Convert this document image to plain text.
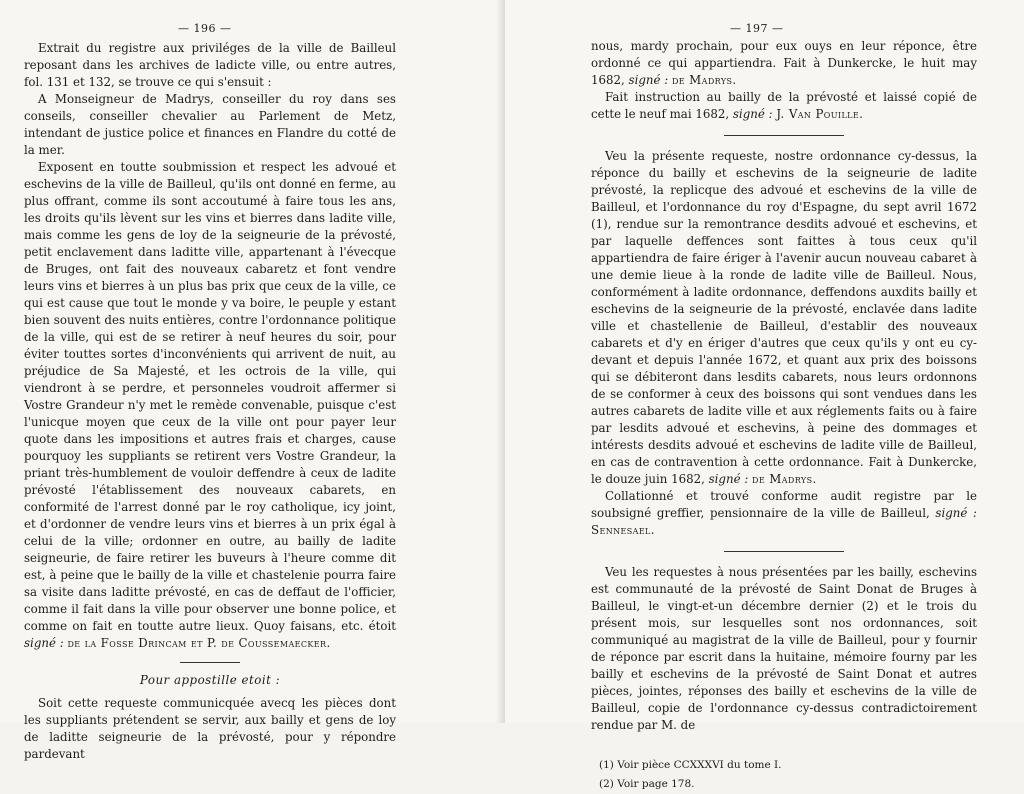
— 196 —

Extrait du registre aux priviléges de la ville de Bailleul reposant dans les archives de ladicte ville, ou entre autres, fol. 131 et 132, se trouve ce qui s'ensuit :

A Monseigneur de Madrys, conseiller du roy dans ses conseils, conseiller chevalier au Parlement de Metz, intendant de justice police et finances en Flandre du cotté de la mer.

Exposent en toutte soubmission et respect les advoué et eschevins de la ville de Bailleul, qu'ils ont donné en ferme, au plus offrant, comme ils sont accoutumé à faire tous les ans, les droits qu'ils lèvent sur les vins et bierres dans ladite ville, mais comme les gens de loy de la seigneurie de la prévosté, petit enclavement dans laditte ville, appartenant à l'évecque de Bruges, ont fait des nouveaux cabaretz et font vendre leurs vins et bierres à un plus bas prix que ceux de la ville, ce qui est cause que tout le monde y va boire, le peuple y estant bien souvent des nuits entières, contre l'ordonnance politique de la ville, qui est de se retirer à neuf heures du soir, pour éviter touttes sortes d'inconvénients qui arrivent de nuit, au préjudice de Sa Majesté, et les octrois de la ville, qui viendront à se perdre, et personneles voudroit affermer si Vostre Grandeur n'y met le remède convenable, puisque c'est l'unicque moyen que ceux de la ville ont pour payer leur quote dans les impositions et autres frais et charges, cause pourquoy les suppliants se retirent vers Vostre Grandeur, la priant très-humblement de vouloir deffendre à ceux de ladite prévosté l'établissement des nouveaux cabarets, en conformité de l'arrest donné par le roy catholique, icy joint, et d'ordonner de vendre leurs vins et bierres à un prix égal à celui de la ville; ordonner en outre, au bailly de ladite seigneurie, de faire retirer les buveurs à l'heure comme dit est, à peine que le bailly de la ville et chastelenie pourra faire sa visite dans laditte prévosté, en cas de deffaut de l'officier, comme il fait dans la ville pour observer une bonne police, et comme on fait en toutte autre lieux. Quoy faisans, etc. étoit signé : de la Fosse Drincam et P. de Coussemaecker.

Pour appostille etoit :

Soit cette requeste communicquée avecq les pièces dont les suppliants prétendent se servir, aux bailly et gens de loy de laditte seigneurie de la prévosté, pour y répondre pardevant

— 197 —

nous, mardy prochain, pour eux ouys en leur réponce, être ordonné ce qui appartiendra. Fait à Dunkercke, le huit may 1682, signé : de Madrys.

Fait instruction au bailly de la prévosté et laissé copié de cette le neuf mai 1682, signé : J. Van Pouille.

Veu la présente requeste, nostre ordonnance cy-dessus, la réponce du bailly et eschevins de la seigneurie de ladite prévosté, la replicque des advoué et eschevins de la ville de Bailleul, et l'ordonnance du roy d'Espagne, du sept avril 1672 (1), rendue sur la remontrance desdits advoué et eschevins, et par laquelle deffences sont faittes à tous ceux qu'il appartiendra de faire ériger à l'avenir aucun nouveau cabaret à une demie lieue à la ronde de ladite ville de Bailleul. Nous, conformément à ladite ordonnance, deffendons auxdits bailly et eschevins de la seigneurie de la prévosté, enclavée dans ladite ville et chastellenie de Bailleul, d'establir des nouveaux cabarets et d'y en ériger d'autres que ceux qu'ils y ont eu cy-devant et depuis l'année 1672, et quant aux prix des boissons qui se débiteront dans lesdits cabarets, nous leurs ordonnons de se conformer à ceux des boissons qui sont vendues dans les autres cabarets de ladite ville et aux réglements faits ou à faire par lesdits advoué et eschevins, à peine des dommages et intérests desdits advoué et eschevins de ladite ville de Bailleul, en cas de contravention à cette ordonnance. Fait à Dunkercke, le douze juin 1682, signé : de Madrys.

Collationné et trouvé conforme audit registre par le soubsigné greffier, pensionnaire de la ville de Bailleul, signé : Sennesael.

Veu les requestes à nous présentées par les bailly, eschevins est communauté de la prévosté de Saint Donat de Bruges à Bailleul, le vingt-et-un décembre dernier (2) et le trois du présent mois, sur lesquelles sont nos ordonnances, soit communiqué au magistrat de la ville de Bailleul, pour y fournir de réponce par escrit dans la huitaine, mémoire fourny par les bailly et eschevins de la prévosté de Saint Donat et autres pièces, jointes, réponses des bailly et eschevins de la ville de Bailleul, copie de l'ordonnance cy-dessus contradictoirement rendue par M. de

(1) Voir pièce CCXXXVI du tome I.

(2) Voir page 178.
